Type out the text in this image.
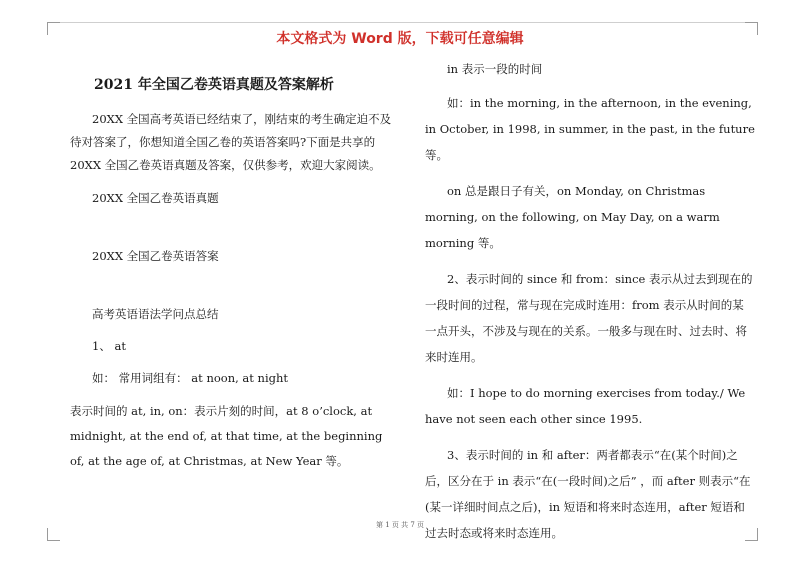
本文格式为 Word 版，下载可任意编辑
2021 年全国乙卷英语真题及答案解析

20XX 全国高考英语已经结束了，刚结束的考生确定迫不及待对答案了，你想知道全国乙卷的英语答案吗?下面是共享的 20XX 全国乙卷英语真题及答案，仅供参考，欢迎大家阅读。

20XX 全国乙卷英语真题

20XX 全国乙卷英语答案

高考英语语法学问点总结

1、 at

如： 常用词组有： at noon, at night

表示时间的 at, in, on：表示片刻的时间，at 8 o’clock, at midnight, at the end of, at that time, at the beginning of, at the age of, at Christmas, at New Year 等。

in 表示一段的时间

如：in the morning, in the afternoon, in the evening, in October, in 1998, in summer, in the past, in the future 等。

on 总是跟日子有关，on Monday, on Christmas morning, on the following, on May Day, on a warm morning 等。

2、表示时间的 since 和 from：since 表示从过去到现在的一段时间的过程，常与现在完成时连用：from 表示从时间的某一点开头，不涉及与现在的关系。一般多与现在时、过去时、将来时连用。

如：I hope to do morning exercises from today./ We have not seen each other since 1995.

3、表示时间的 in 和 after：两者都表示“在(某个时间)之后，区分在于 in 表示“在(一段时间)之后” ，而 after 则表示“在(某一详细时间点之后)，in 短语和将来时态连用，after 短语和过去时态或将来时态连用。

第 1 页 共 7 页
